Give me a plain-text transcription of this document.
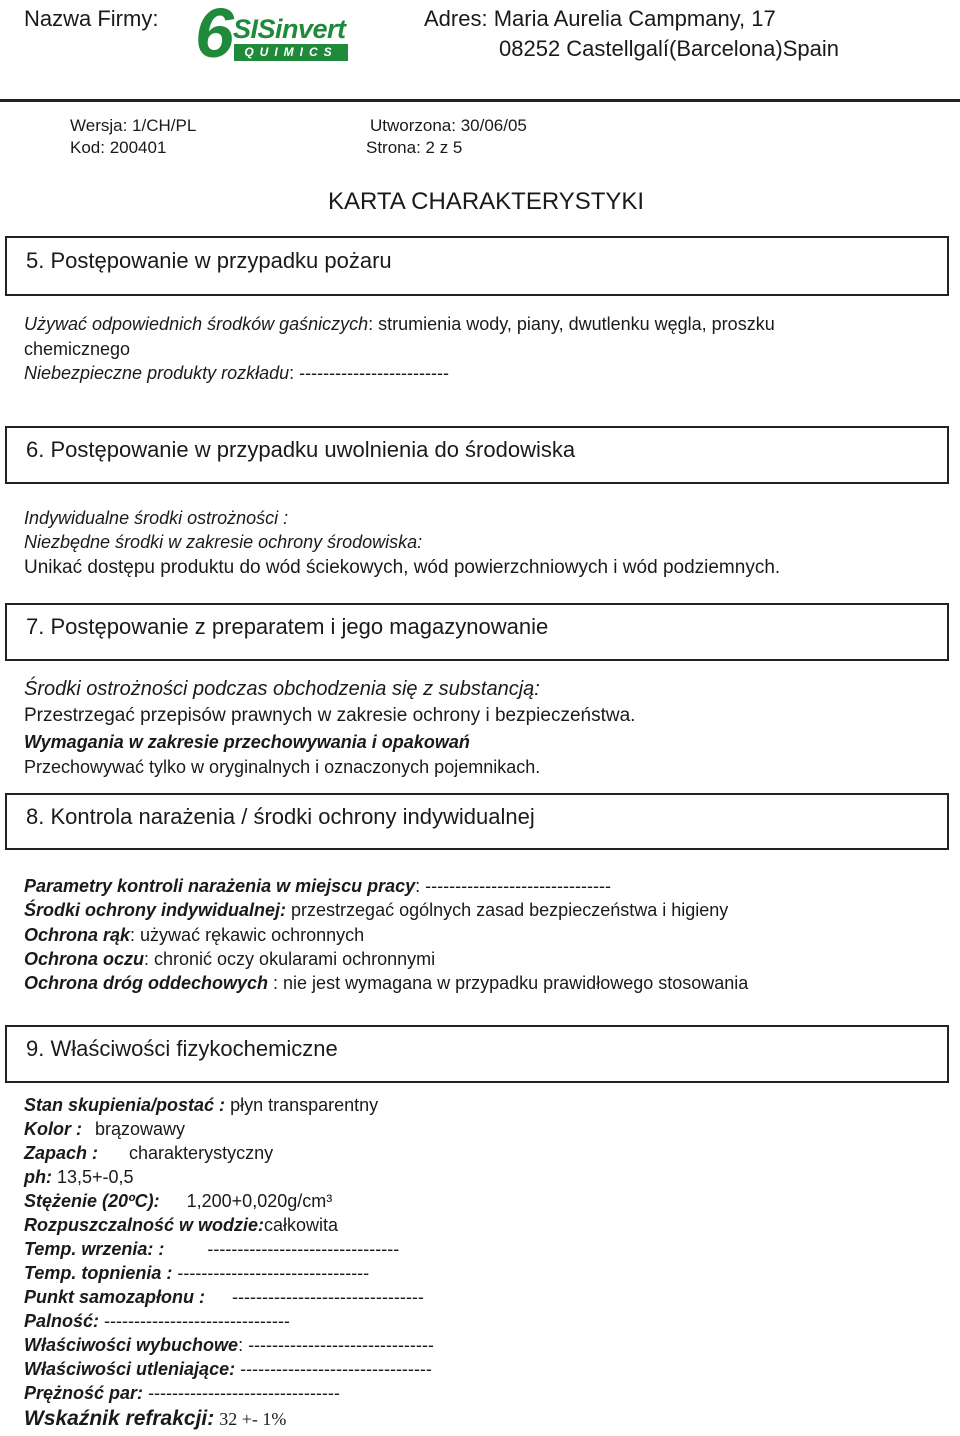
Nazwa Firmy: 6 SISinvert
QUIMICS
Adres: Maria Aurelia Campmany, 17
08252 Castellgalí(Barcelona)Spain
Wersja: 1/CH/PL
Kod: 200401
Utworzona: 30/06/05
Strona: 2 z 5
KARTA CHARAKTERYSTYKI
5. Postępowanie w przypadku pożaru
Używać odpowiednich środków gaśniczych: strumienia wody, piany, dwutlenku węgla, proszku
chemicznego
Niebezpieczne produkty rozkładu: -------------------------
6. Postępowanie w przypadku uwolnienia do środowiska
Indywidualne środki ostrożności :
Niezbędne środki w zakresie ochrony środowiska:
Unikać dostępu produktu do wód ściekowych, wód powierzchniowych i wód podziemnych.
7. Postępowanie z preparatem i jego magazynowanie
Środki ostrożności podczas obchodzenia się z substancją:
Przestrzegać przepisów prawnych w zakresie ochrony i bezpieczeństwa.
Wymagania w zakresie przechowywania i opakowań
Przechowywać tylko w oryginalnych i oznaczonych pojemnikach.
8. Kontrola narażenia / środki ochrony indywidualnej
Parametry kontroli narażenia w miejscu pracy: -------------------------------
Środki ochrony indywidualnej: przestrzegać ogólnych zasad bezpieczeństwa i higieny
Ochrona rąk: używać rękawic ochronnych
Ochrona oczu: chronić oczy okularami ochronnymi
Ochrona dróg oddechowych : nie jest wymagana w przypadku prawidłowego stosowania
9. Właściwości fizykochemiczne
Stan skupienia/postać : płyn transparentny
Kolor : brązowawy
Zapach : charakterystyczny
ph: 13,5+-0,5
Stężenie (20ºC): 1,200+0,020g/cm³
Rozpuszczalność w wodzie:całkowita
Temp. wrzenia: : --------------------------------
Temp. topnienia : --------------------------------
Punkt samozapłonu : --------------------------------
Palność: -------------------------------
Właściwości wybuchowe: -------------------------------
Właściwości utleniające: --------------------------------
Prężność par: --------------------------------
Wskaźnik refrakcji: 32 +- 1%
